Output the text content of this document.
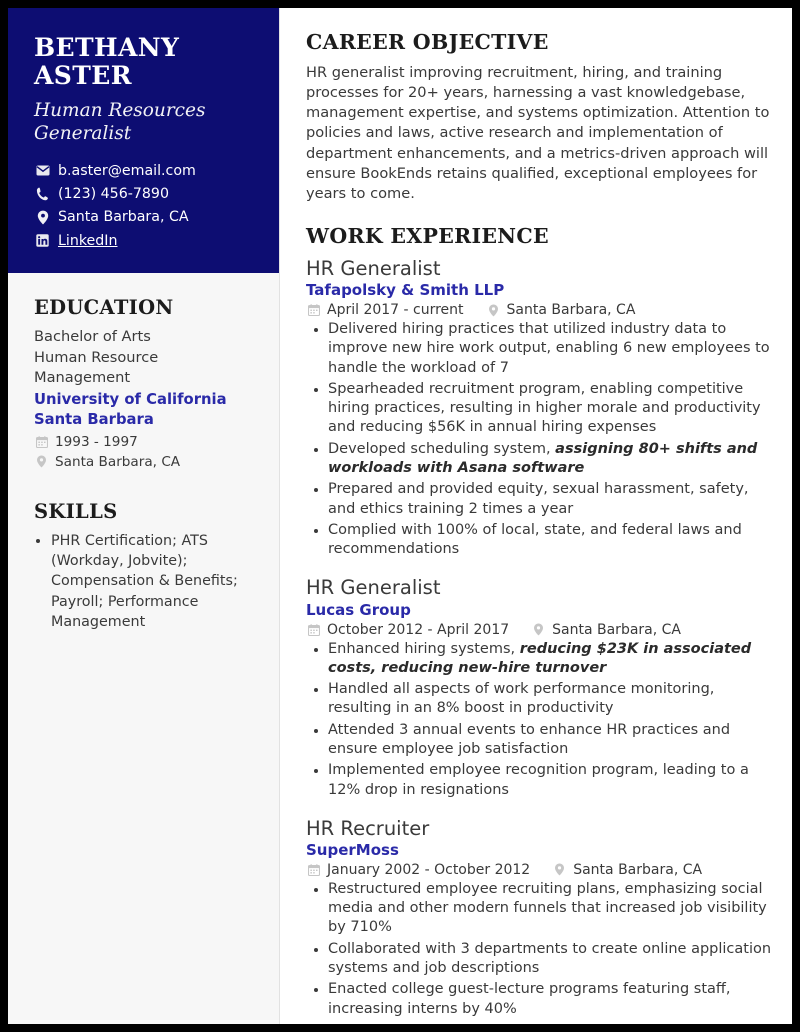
BETHANY ASTER
Human Resources Generalist
b.aster@email.com
(123) 456-7890
Santa Barbara, CA
LinkedIn
EDUCATION
Bachelor of Arts
Human Resource Management
University of California Santa Barbara
1993 - 1997
Santa Barbara, CA
SKILLS
• PHR Certification; ATS (Workday, Jobvite); Compensation & Benefits; Payroll; Performance Management
CAREER OBJECTIVE

HR generalist improving recruitment, hiring, and training processes for 20+ years, harnessing a vast knowledgebase, management expertise, and systems optimization. Attention to policies and laws, active research and implementation of department enhancements, and a metrics-driven approach will ensure BookEnds retains qualified, exceptional employees for years to come.

WORK EXPERIENCE
HR Generalist
Tafapolsky & Smith LLP
April 2017 - current	Santa Barbara, CA
• Delivered hiring practices that utilized industry data to improve new hire work output, enabling 6 new employees to handle the workload of 7
• Spearheaded recruitment program, enabling competitive hiring practices, resulting in higher morale and productivity and reducing $56K in annual hiring expenses
• Developed scheduling system, assigning 80+ shifts and workloads with Asana software
• Prepared and provided equity, sexual harassment, safety, and ethics training 2 times a year
• Complied with 100% of local, state, and federal laws and recommendations
HR Generalist
Lucas Group
October 2012 - April 2017	Santa Barbara, CA
• Enhanced hiring systems, reducing $23K in associated costs, reducing new-hire turnover
• Handled all aspects of work performance monitoring, resulting in an 8% boost in productivity
• Attended 3 annual events to enhance HR practices and ensure employee job satisfaction
• Implemented employee recognition program, leading to a 12% drop in resignations
HR Recruiter
SuperMoss
January 2002 - October 2012	Santa Barbara, CA
• Restructured employee recruiting plans, emphasizing social media and other modern funnels that increased job visibility by 710%
• Collaborated with 3 departments to create online application systems and job descriptions
• Enacted college guest-lecture programs featuring staff, increasing interns by 40%
